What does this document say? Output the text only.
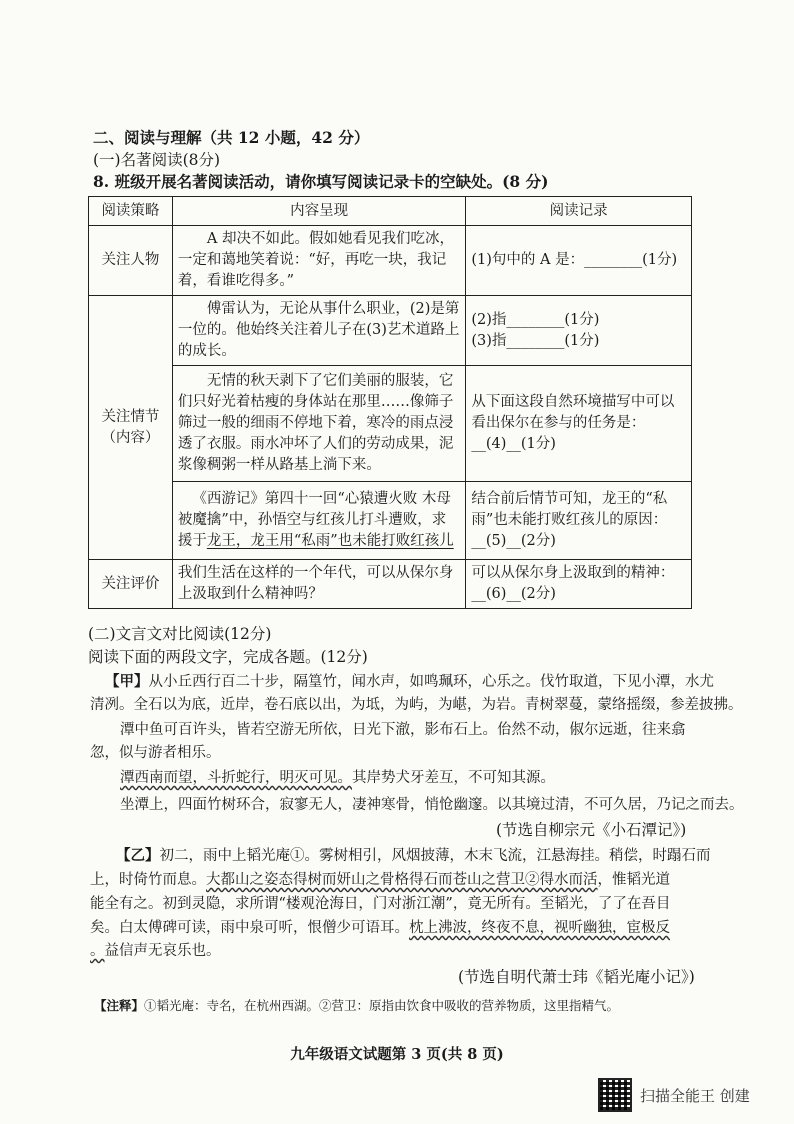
二、阅读与理解（共 12 小题，42 分）
(一)名著阅读(8分)
8. 班级开展名著阅读活动，请你填写阅读记录卡的空缺处。(8 分)
阅读策略	内容呈现	阅读记录
关注人物	A 却决不如此。假如她看见我们吃冰，一定和蔼地笑着说：“好，再吃一块，我记着，看谁吃得多。”	(1)句中的 A 是：________(1分)
关注情节（内容）	傅雷认为，无论从事什么职业，(2)是第一位的。他始终关注着儿子在(3)艺术道路上的成长。	(2)指________(1分)
(3)指________(1分)

	无情的秋天剥下了它们美丽的服装，它们只好光着枯瘦的身体站在那里……像筛子筛过一般的细雨不停地下着，寒冷的雨点浸透了衣服。雨水冲坏了人们的劳动成果，泥浆像稠粥一样从路基上淌下来。	从下面这段自然环境描写中可以看出保尔在参与的任务是：__(4)__(1分)
	《西游记》第四十一回“心猿遭火败 木母被魔擒”中，孙悟空与红孩儿打斗遭败，求援于龙王，龙王用“私雨”也未能打败红孩儿	结合前后情节可知，龙王的“私雨”也未能打败红孩儿的原因：__(5)__(2分)
关注评价	我们生活在这样的一个年代，可以从保尔身上汲取到什么精神吗？	可以从保尔身上汲取到的精神：__(6)__(2分)
(二)文言文对比阅读(12分)
阅读下面的两段文字，完成各题。(12分)
【甲】从小丘西行百二十步，隔篁竹，闻水声，如鸣珮环，心乐之。伐竹取道，下见小潭，水尤
清冽。全石以为底，近岸，卷石底以出，为坻，为屿，为嵁，为岩。青树翠蔓，蒙络摇缀，参差披拂。
潭中鱼可百许头，皆若空游无所依，日光下澈，影布石上。佁然不动，俶尔远逝，往来翕
忽，似与游者相乐。
潭西南而望，斗折蛇行，明灭可见。其岸势犬牙差互，不可知其源。
坐潭上，四面竹树环合，寂寥无人，凄神寒骨，悄怆幽邃。以其境过清，不可久居，乃记之而去。
(节选自柳宗元《小石潭记》)
【乙】初二，雨中上韬光庵①。雾树相引，风烟披薄，木末飞流，江悬海挂。稍偿，时蹋石而
上，时倚竹而息。大都山之姿态得树而妍山之骨格得石而苍山之营卫②得水而活，惟韬光道
能全有之。初到灵隐，求所谓“楼观沧海日，门对浙江潮”，竟无所有。至韬光，了了在吾目
矣。白太傅碑可读，雨中泉可听，恨僧少可语耳。枕上沸波，终夜不息，视听幽独，宦极反
。益信声无哀乐也。
(节选自明代萧士玮《韬光庵小记》)
【注释】①韬光庵：寺名，在杭州西湖。②营卫：原指由饮食中吸收的营养物质，这里指精气。
九年级语文试题第 3 页(共 8 页)
扫描全能王 创建
